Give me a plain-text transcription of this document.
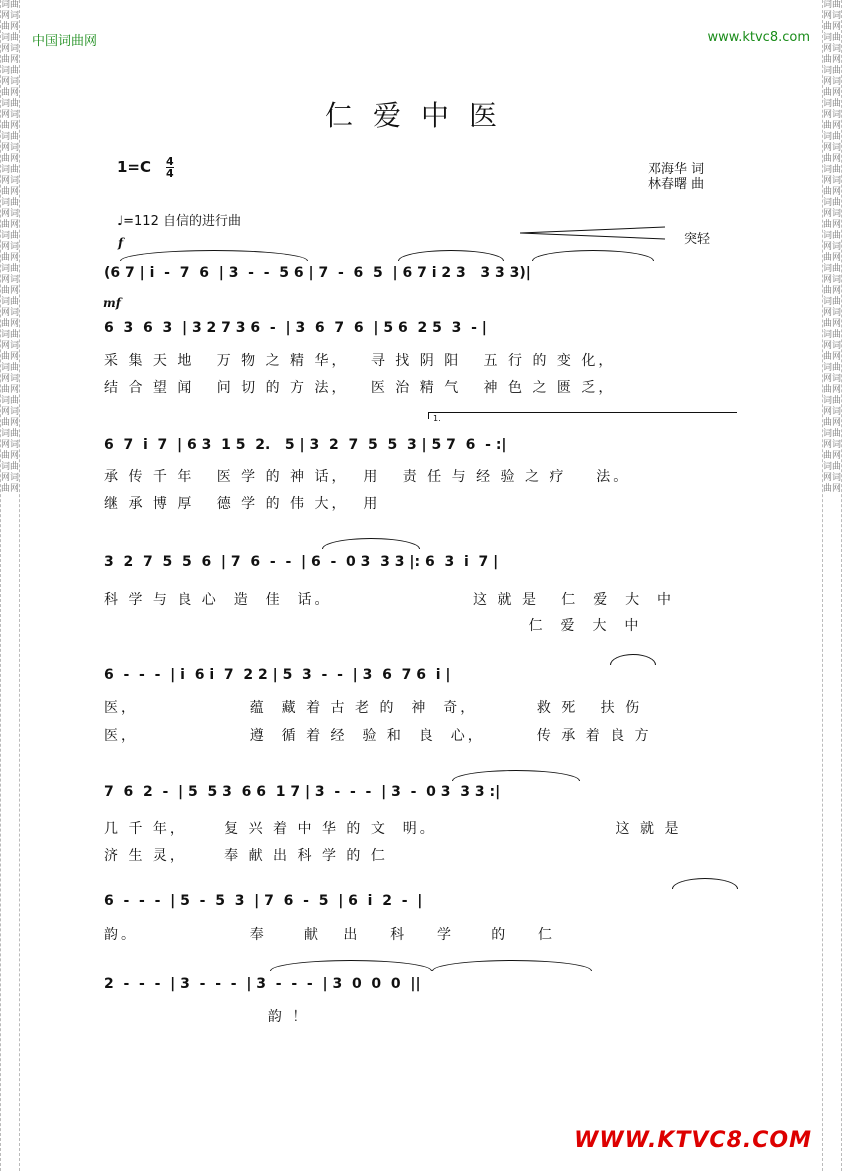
词曲网词曲网词曲网词曲网词曲网词曲网词曲网词曲网词曲网词曲网词曲网词曲网词曲网词曲网词曲网词曲网词曲网词曲网词曲网词曲网词曲网词曲网词曲网词曲网词曲网词曲网词曲网词曲网词曲网词曲网
词曲网词曲网词曲网词曲网词曲网词曲网词曲网词曲网词曲网词曲网词曲网词曲网词曲网词曲网词曲网词曲网词曲网词曲网词曲网词曲网词曲网词曲网词曲网词曲网词曲网词曲网词曲网词曲网词曲网词曲网
中国词曲网	www.ktvc8.com
仁爱中医
$1=C \frac{4}{4}$	邓海华 词
林春曙 曲
♩=112 自信的进行曲
f
mf
突轻
1.
(6 7 | i  -  7  6  | 3  -  -  5 6 | 7  -  6  5  | 6 7 i 2 3   3 3 3)|
6  3  6  3  | 3 2 7 3 6  -  | 3  6  7  6  | 5 6  2 5  3  - |
采 集 天 地   万 物 之 精 华，   寻 找 阴 阳   五 行 的 变 化，
结 合 望 闻   问 切 的 方 法，   医 治 精 气   神 色 之 匮 乏，
6  7  i  7  | 6 3  1 5  2.   5 | 3  2  7  5  5  3 | 5 7  6  - :|
承 传 千 年   医 学 的 神 话，  用   责 任 与 经 验 之 疗    法。
继 承 博 厚   德 学 的 伟 大，  用
3  2  7  5  5  6  | 7  6  -  -  | 6  -  0 3  3 3 |: 6  3  i  7 |
科 学 与 良 心  造  佳  话。                   这 就 是   仁  爱  大  中
仁  爱  大  中
6  -  -  -  | i  6 i  7  2 2 | 5  3  -  -  | 3  6  7 6  i |
医，               蕴  藏 着 古 老 的  神  奇，        救 死   扶 伤
医，               遵  循 着 经  验 和  良  心，       传 承 着 良 方
7  6  2  -  | 5  5 3  6 6  1 7 | 3  -  -  -  | 3  -  0 3  3 3 :|
几 千 年，     复 兴 着 中 华 的 文  明。                        这 就 是
济 生 灵，     奉 献 出 科 学 的 仁
6  -  -  -  | 5  -  5  3  | 7  6  -  5  | 6  i  2  -  |
韵。               奉     献   出    科    学     的    仁
2  -  -  -  | 3  -  -  -  | 3  -  -  -  | 3  0  0  0  ||
韵 ！
WWW.KTVC8.COM
